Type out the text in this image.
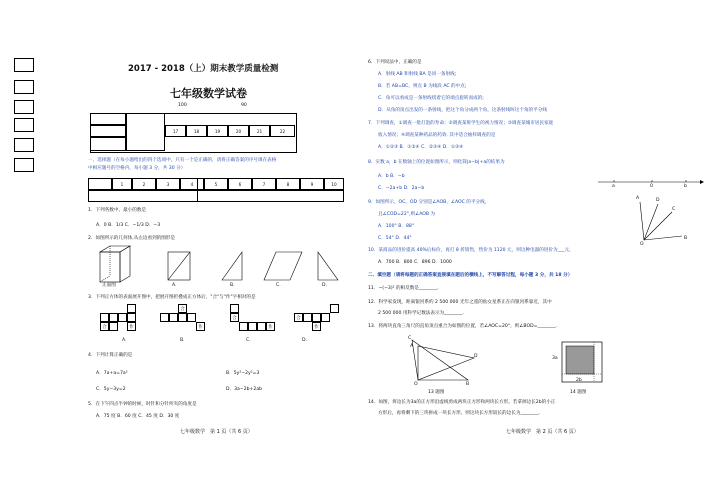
2017 - 2018（上）期末教学质量检测
七年级数学试卷
100	90
17	18	19	20	21	22
一、选择题（在每小题给出的四个选项中，只有一个是正确的，请将正确答案的序号填在表格
中相应题号的空格内，每小题 3 分，共 30 分）
1	2	3	4	5	6	7	8	9	10
1．下列各数中，最小的数是
A．0 B．1/3 C．−1/3 D．−3
2．如图所示的几何体,从左边看到的图形是
正面图	A.	B.	C.	D.
3．下列正方体的表面展开图中，把展开图折叠成正方体后，"合"与"作"字相对的是
合	作
合
作
合
作
合
作
A.	B.	C.	D.
4．下列计算正确的是
A．7a+a=7a²	B．5y²−2y²=3
C．5y−3y=2	D．3a−2b+2ab
5．在下午四点半钟的时候，时针和分针所夹的角度是
A．75 度 B．60 度 C．45 度 D．30 度
七年级数学　第 1 页（共 6 页）
6．下列说法中，正确的是
A．射线 AB 和射线 BA 是同一条射线;
B．若 AB=BC，则点 B 为线段 AC 的中点;
C．角可以看成是一条射线绕着它的端点旋转而成的;
D．从角的顶点出发的一条射线，把这个角分成两个角，这条射线叫这个角的平分线
7．下列调查，①调查一批灯泡的寿命；②调查某班学生的视力情况；③调查某城市居民家庭
收入情况；④调查某种药品的药效. 其中适合抽样调查的是
A．①②③ B．①②④ C．②③④ D．①③④
8．实数 a，b 在数轴上的位置如图所示，则化简|a−b|+a的结果为
A．b B．−b
C．−2a+b D．2a−b	a	0	b
9．如图所示，OC、OD 分别是∠AOB、∠AOC 的平分线，
且∠COD=22°,则∠AOB 为
A．100° B．88°
C．54° D．44°
A	D
C
B
O
10．某商品的进价提高 40%后标价，再打 8 折销售，售价为 1120 元，则这种电器的进价为___元。
A．700 B．800 C．896 D．1000
二、填空题（请将每题的正确答案直接填在题后的横线上，不写解答过程，每小题 3 分，共 18 分）
11．−(−3)² 的相反数是________.
12．科学家发现，距离银河系约 2 500 000 光年之遥的仙女星系正在向银河系靠近，其中
2 500 000 用科学记数法表示为________.
13．将两块直角三角尺的直角顶点重合为如图的位置，若∠AOC=20°，则∠BOD=________.
C
A
D
O	B
13 题图
3a
2b
14 题图
14．如图，将边长为3a的正方形沿虚线剪成两块正方形和两块长方形。若拿掉边长2b的小正
方形后，再将剩下的三块拼成一块长方形，则这块长方形较长的边长为________.
七年级数学　第 2 页（共 6 页）
